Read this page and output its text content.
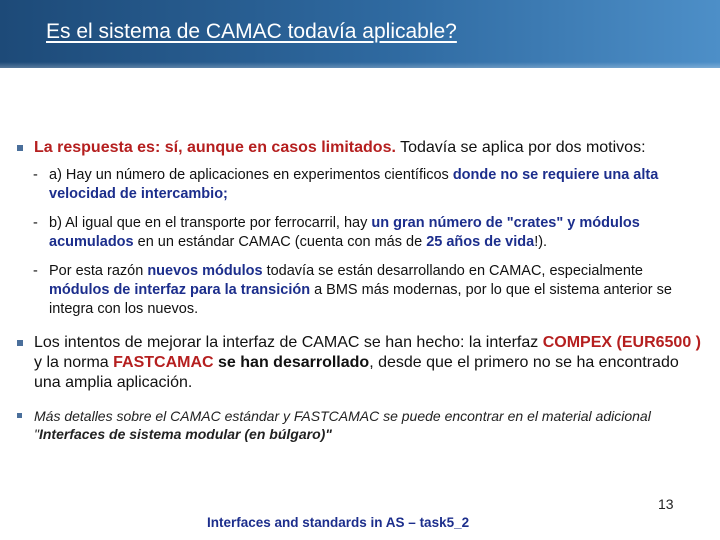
Es el sistema de CAMAC todavía aplicable?
La respuesta es: sí, aunque en casos limitados. Todavía se aplica por dos motivos:
- a) Hay un número de aplicaciones en experimentos científicos donde no se requiere una alta velocidad de intercambio;
- b) Al igual que en el transporte por ferrocarril, hay un gran número de "crates" y módulos acumulados en un estándar CAMAC (cuenta con más de 25 años de vida!).
- Por esta razón nuevos módulos todavía se están desarrollando en CAMAC, especialmente módulos de interfaz para la transición a BMS más modernas, por lo que el sistema anterior se integra con los nuevos.
Los intentos de mejorar la interfaz de CAMAC se han hecho: la interfaz COMPEX (EUR6500 ) y la norma FASTCAMAC se han desarrollado, desde que el primero no se ha encontrado una amplia aplicación.
Más detalles sobre el CAMAC estándar y FASTCAMAC se puede encontrar en el material adicional "Interfaces de sistema modular (en búlgaro)"
13
Interfaces and standards in AS – task5_2
